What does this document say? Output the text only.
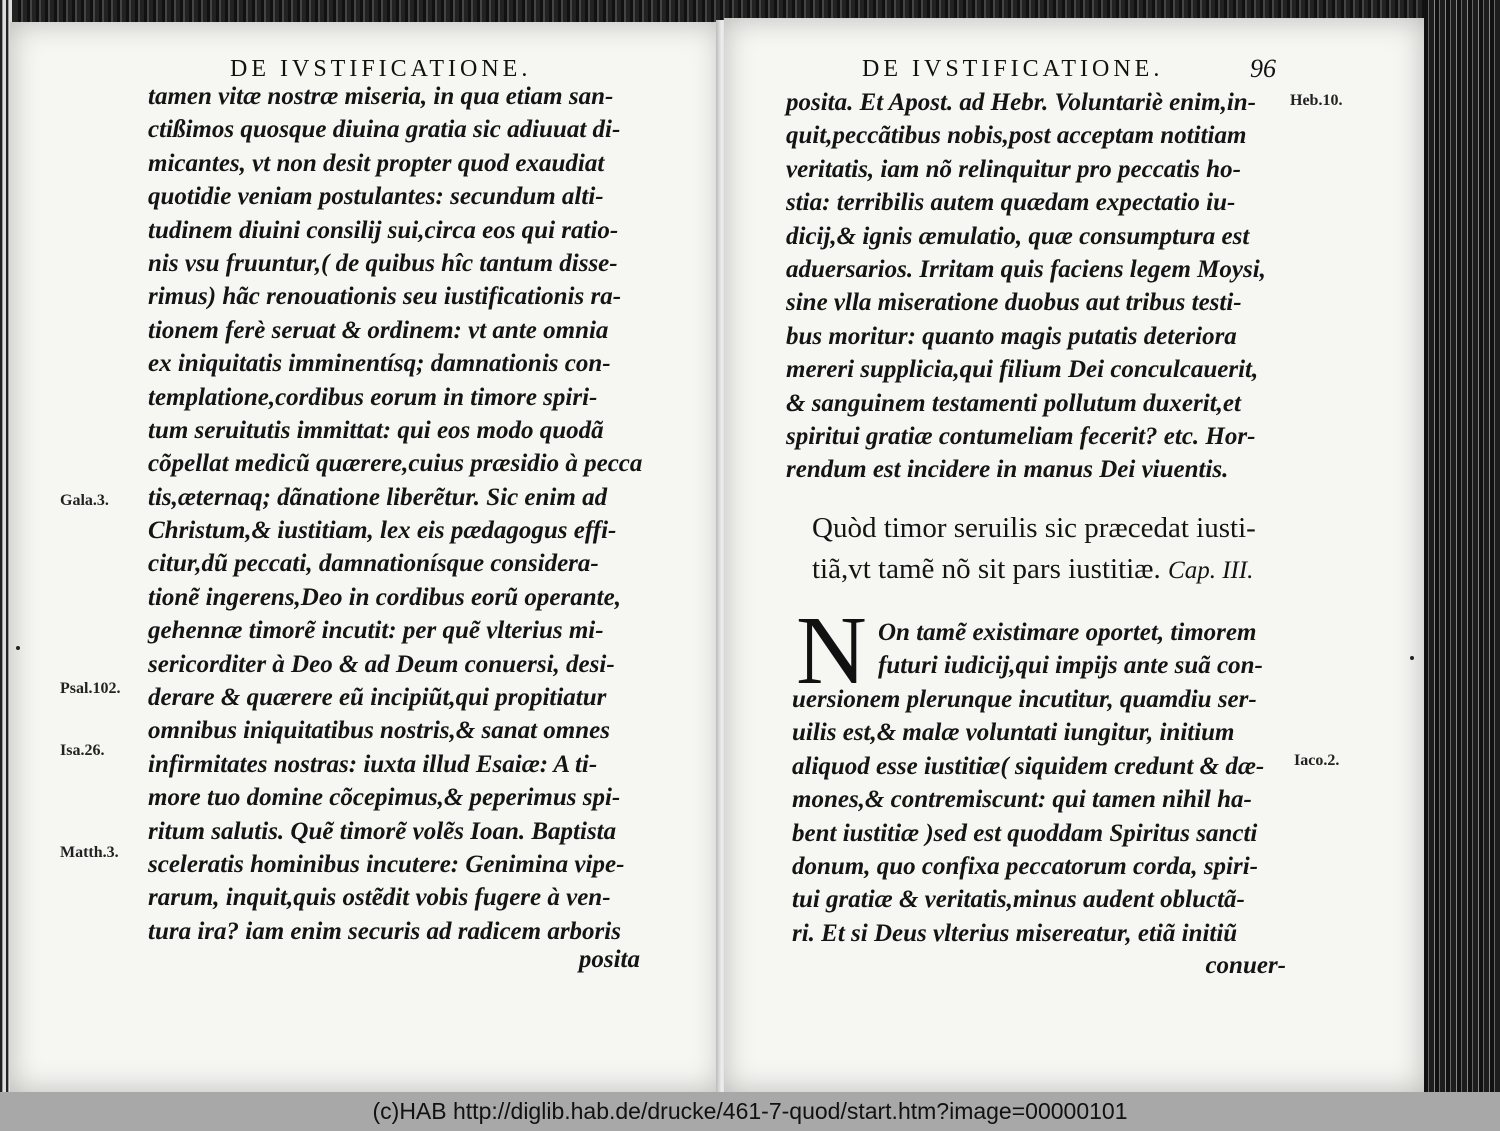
DE IVSTIFICATIONE.
tamen vitæ nostræ miseria, in qua etiam san-
ctißimos quosque diuina gratia sic adiuuat di-
micantes, vt non desit propter quod exaudiat
quotidie veniam postulantes: secundum alti-
tudinem diuini consilij sui,circa eos qui ratio-
nis vsu fruuntur,( de quibus hîc tantum disse-
rimus) hãc renouationis seu iustificationis ra-
tionem ferè seruat & ordinem: vt ante omnia
ex iniquitatis imminentísq; damnationis con-
templatione,cordibus eorum in timore spiri-
tum seruitutis immittat: qui eos modo quodã
cõpellat medicũ quærere,cuius præsidio à pecca
tis,æternaq; dãnatione liberẽtur. Sic enim ad
Christum,& iustitiam, lex eis pædagogus effi-
citur,dũ peccati, damnationísque considera-
tionẽ ingerens,Deo in cordibus eorũ operante,
gehennæ timorẽ incutit: per quẽ vlterius mi-
sericorditer à Deo & ad Deum conuersi, desi-
derare & quærere eũ incipiũt,qui propitiatur
omnibus iniquitatibus nostris,& sanat omnes
infirmitates nostras: iuxta illud Esaiæ: A ti-
more tuo domine cõcepimus,& peperimus spi-
ritum salutis. Quẽ timorẽ volẽs Ioan. Baptista
sceleratis hominibus incutere: Genimina vipe-
rarum, inquit,quis ostẽdit vobis fugere à ven-
tura ira? iam enim securis ad radicem arboris
posita
Gala.3.
Psal.102.
Isa.26.
Matth.3.
DE IVSTIFICATIONE.	96
posita. Et Apost. ad Hebr. Voluntariè enim,in-
quit,peccãtibus nobis,post acceptam notitiam
veritatis, iam nõ relinquitur pro peccatis ho-
stia: terribilis autem quædam expectatio iu-
dicij,& ignis æmulatio, quæ consumptura est
aduersarios. Irritam quis faciens legem Moysi,
sine vlla miseratione duobus aut tribus testi-
bus moritur: quanto magis putatis deteriora
mereri supplicia,qui filium Dei conculcauerit,
& sanguinem testamenti pollutum duxerit,et
spiritui gratiæ contumeliam fecerit? etc. Hor-
rendum est incidere in manus Dei viuentis.
Quòd timor seruilis sic præcedat iusti-
tiã,vt tamẽ nõ sit pars iustitiæ. Cap. III.
N On tamẽ existimare oportet, timorem
futuri iudicij,qui impijs ante suã con-
uersionem plerunque incutitur, quamdiu ser-
uilis est,& malæ voluntati iungitur, initium
aliquod esse iustitiæ( siquidem credunt & dæ-
mones,& contremiscunt: qui tamen nihil ha-
bent iustitiæ )sed est quoddam Spiritus sancti
donum, quo confixa peccatorum corda, spiri-
tui gratiæ & veritatis,minus audent obluctã-
ri. Et si Deus vlterius misereatur, etiã initiũ
conuer-
Heb.10.
Iaco.2.
(c)HAB http://diglib.hab.de/drucke/461-7-quod/start.htm?image=00000101
